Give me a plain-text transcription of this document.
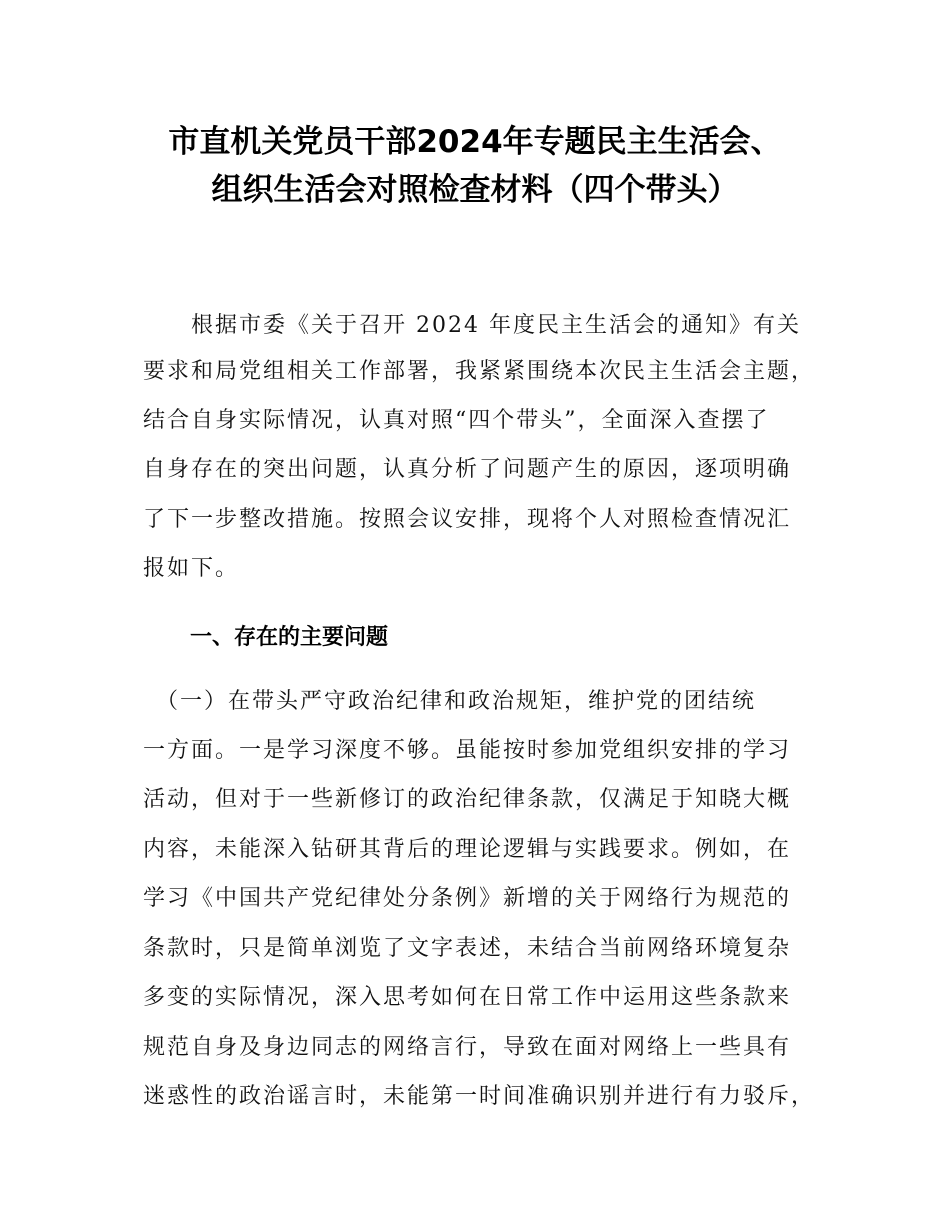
市直机关党员干部2024年专题民主生活会、
组织生活会对照检查材料（四个带头）
　　根据市委《关于召开 2024 年度民主生活会的通知》有关
要求和局党组相关工作部署，我紧紧围绕本次民主生活会主题，
结合自身实际情况，认真对照“四个带头”，全面深入查摆了
自身存在的突出问题，认真分析了问题产生的原因，逐项明确
了下一步整改措施。按照会议安排，现将个人对照检查情况汇
报如下。
一、存在的主要问题
　（一）在带头严守政治纪律和政治规矩，维护党的团结统
一方面。一是学习深度不够。虽能按时参加党组织安排的学习
活动，但对于一些新修订的政治纪律条款，仅满足于知晓大概
内容，未能深入钻研其背后的理论逻辑与实践要求。例如，在
学习《中国共产党纪律处分条例》新增的关于网络行为规范的
条款时，只是简单浏览了文字表述，未结合当前网络环境复杂
多变的实际情况，深入思考如何在日常工作中运用这些条款来
规范自身及身边同志的网络言行，导致在面对网络上一些具有
迷惑性的政治谣言时，未能第一时间准确识别并进行有力驳斥，
